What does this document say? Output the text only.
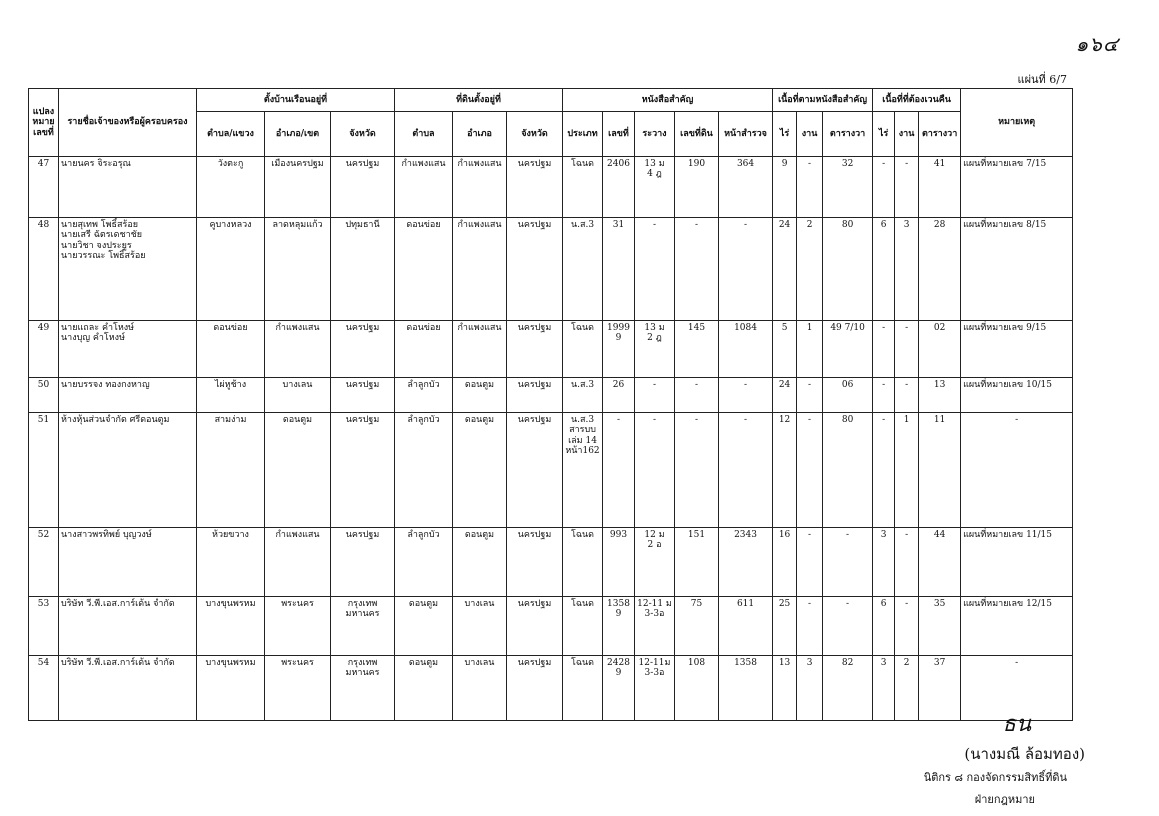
๑๖๔
แผ่นที่ 6/7
แปลง
หมาย
เลขที่	รายชื่อเจ้าของหรือผู้ครอบครอง	ตั้งบ้านเรือนอยู่ที่			ที่ดินตั้งอยู่ที่			หนังสือสำคัญ					เนื้อที่ตามหนังสือสำคัญ			เนื้อที่ที่ต้องเวนคืน			หมายเหตุ
		ตำบล/แขวง	อำเภอ/เขต	จังหวัด	ตำบล	อำเภอ	จังหวัด	ประเภท	เลขที่	ระวาง	เลขที่ดิน	หน้าสำรวจ	ไร่	งาน	ตารางวา	ไร่	งาน	ตารางวา	
47	นายนคร จิระอรุณ	วังตะกู	เมืองนครปฐม	นครปฐม	กำแพงแสน	กำแพงแสน	นครปฐม	โฉนด	2406	13 ม
4 ฎ	190	364	9	-	32	-	-	41	แผนที่หมายเลข 7/15
48	นายสุเทพ โพธิ์สร้อย
นายเสรี ฉัตรเดชาชัย
นายวิชา จงประยูร
นายวรรณะ โพธิ์สร้อย	คูบางหลวง	ลาดหลุมแก้ว	ปทุมธานี	ดอนข่อย	กำแพงแสน	นครปฐม	น.ส.3	31	-	-	-	24	2	80	6	3	28	แผนที่หมายเลข 8/15
49	นายแถละ คำโหงษ์
นางบุญ คำโหงษ์	ดอนข่อย	กำแพงแสน	นครปฐม	ดอนข่อย	กำแพงแสน	นครปฐม	โฉนด	19999	13 ม
2 ฎ	145	1084	5	1	49 7/10	-	-	02	แผนที่หมายเลข 9/15
50	นายบรรจง ทองกงหาญ	ไผ่หูช้าง	บางเลน	นครปฐม	ลำลูกบัว	ดอนตูม	นครปฐม	น.ส.3	26	-	-	-	24	-	06	-	-	13	แผนที่หมายเลข 10/15
51	ห้างหุ้นส่วนจำกัด ศรีดอนตูม	สามง่าม	ดอนตูม	นครปฐม	ลำลูกบัว	ดอนตูม	นครปฐม	น.ส.3
สารบบ
เล่ม 14
หน้า162	-	-	-	-	12	-	80	-	1	11	-
52	นางสาวพรทิพย์ บุญวงษ์	ห้วยขวาง	กำแพงแสน	นครปฐม	ลำลูกบัว	ดอนตูม	นครปฐม	โฉนด	993	12 ม
2 อ	151	2343	16	-	-	3	-	44	แผนที่หมายเลข 11/15
53	บริษัท วี.พี.เอส.การ์เด้น จำกัด	บางขุนพรหม	พระนคร	กรุงเทพ มหานคร	ดอนตูม	บางเลน	นครปฐม	โฉนด	13589	12-11 ม
3-3อ	75	611	25	-	-	6	-	35	แผนที่หมายเลข 12/15
54	บริษัท วี.พี.เอส.การ์เด้น จำกัด	บางขุนพรหม	พระนคร	กรุงเทพ มหานคร	ดอนตูม	บางเลน	นครปฐม	โฉนด	24289	12-11ม
3-3อ	108	1358	13	3	82	3	2	37	-
ธน
(นางมณี ล้อมทอง)
นิติกร ๘ กองจัดกรรมสิทธิ์ที่ดิน
ฝ่ายกฎหมาย
